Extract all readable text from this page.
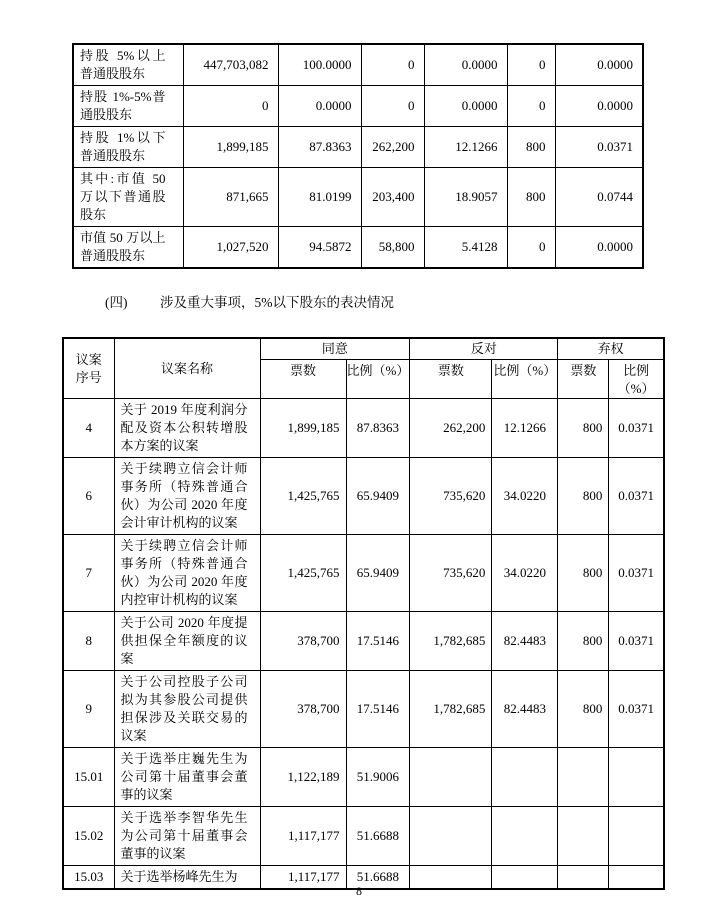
持股 5%以上普通股股东	447,703,082	100.0000	0	0.0000	0	0.0000
持股 1%-5%普通股股东	0	0.0000	0	0.0000	0	0.0000
持股 1%以下普通股股东	1,899,185	87.8363	262,200	12.1266	800	0.0371
其中:市值 50 万以下普通股股东	871,665	81.0199	203,400	18.9057	800	0.0744
市值 50 万以上普通股股东	1,027,520	94.5872	58,800	5.4128	0	0.0000
(四) 涉及重大事项，5%以下股东的表决情况
议案
序号	议案名称	同意		反对		弃权	
		票数	比例（%）	票数	比例（%）	票数	比例
（%）

4	关于 2019 年度利润分配及资本公积转增股本方案的议案	1,899,185	87.8363	262,200	12.1266	800	0.0371
6	关于续聘立信会计师事务所（特殊普通合伙）为公司 2020 年度会计审计机构的议案	1,425,765	65.9409	735,620	34.0220	800	0.0371
7	关于续聘立信会计师事务所（特殊普通合伙）为公司 2020 年度内控审计机构的议案	1,425,765	65.9409	735,620	34.0220	800	0.0371
8	关于公司 2020 年度提供担保全年额度的议案	378,700	17.5146	1,782,685	82.4483	800	0.0371
9	关于公司控股子公司拟为其参股公司提供担保涉及关联交易的议案	378,700	17.5146	1,782,685	82.4483	800	0.0371
15.01	关于选举庄巍先生为公司第十届董事会董事的议案	1,122,189	51.9006				
15.02	关于选举李智华先生为公司第十届董事会董事的议案	1,117,177	51.6688				
15.03	关于选举杨峰先生为	1,117,177	51.6688				
8
